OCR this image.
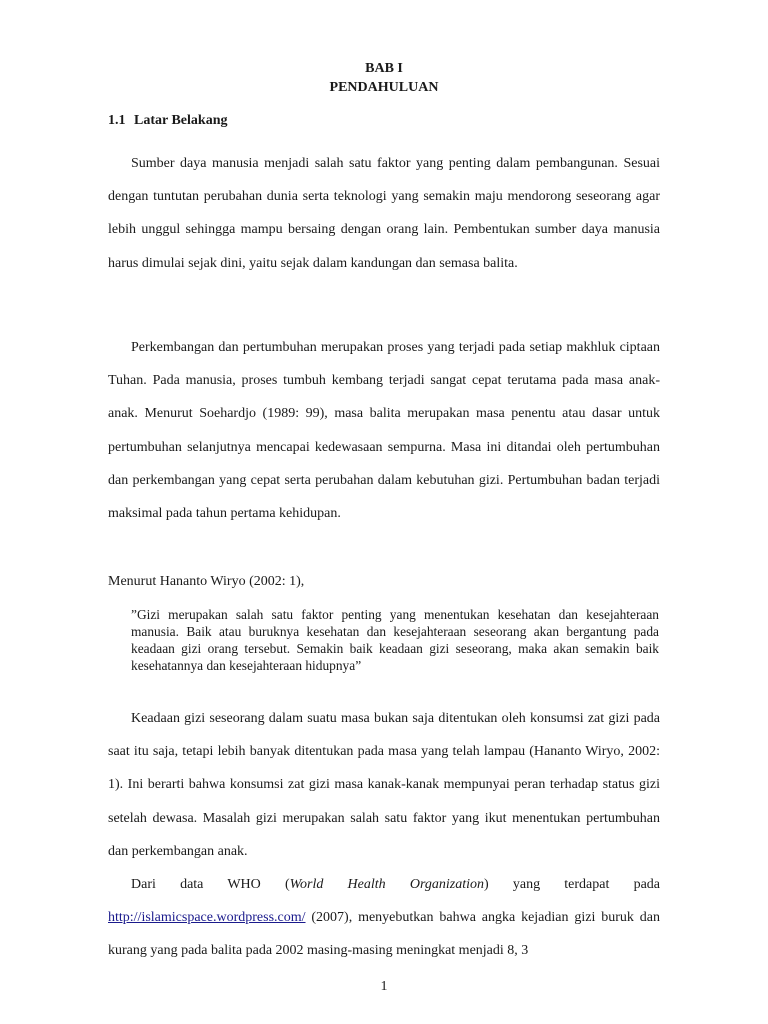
BAB I

PENDAHULUAN

1.1 Latar Belakang

Sumber daya manusia menjadi salah satu faktor yang penting dalam pembangunan. Sesuai dengan tuntutan perubahan dunia serta teknologi yang semakin maju mendorong seseorang agar lebih unggul sehingga mampu bersaing dengan orang lain. Pembentukan sumber daya manusia harus dimulai sejak dini, yaitu sejak dalam kandungan dan semasa balita.

Perkembangan dan pertumbuhan merupakan proses yang terjadi pada setiap makhluk ciptaan Tuhan. Pada manusia, proses tumbuh kembang terjadi sangat cepat terutama pada masa anak-anak. Menurut Soehardjo (1989: 99), masa balita merupakan masa penentu atau dasar untuk pertumbuhan selanjutnya mencapai kedewasaan sempurna. Masa ini ditandai oleh pertumbuhan dan perkembangan yang cepat serta perubahan dalam kebutuhan gizi. Pertumbuhan badan terjadi maksimal pada tahun pertama kehidupan.

Menurut Hananto Wiryo (2002: 1),

”Gizi merupakan salah satu faktor penting yang menentukan kesehatan dan kesejahteraan manusia. Baik atau buruknya kesehatan dan kesejahteraan seseorang akan bergantung pada keadaan gizi orang tersebut. Semakin baik keadaan gizi seseorang, maka akan semakin baik kesehatannya dan kesejahteraan hidupnya”

Keadaan gizi seseorang dalam suatu masa bukan saja ditentukan oleh konsumsi zat gizi pada saat itu saja, tetapi lebih banyak ditentukan pada masa yang telah lampau (Hananto Wiryo, 2002: 1). Ini berarti bahwa konsumsi zat gizi masa kanak-kanak mempunyai peran terhadap status gizi setelah dewasa. Masalah gizi merupakan salah satu faktor yang ikut menentukan pertumbuhan dan perkembangan anak.

Dari data WHO (World Health Organization) yang terdapat pada http://islamicspace.wordpress.com/ (2007), menyebutkan bahwa angka kejadian gizi buruk dan kurang yang pada balita pada 2002 masing-masing meningkat menjadi 8, 3

1
